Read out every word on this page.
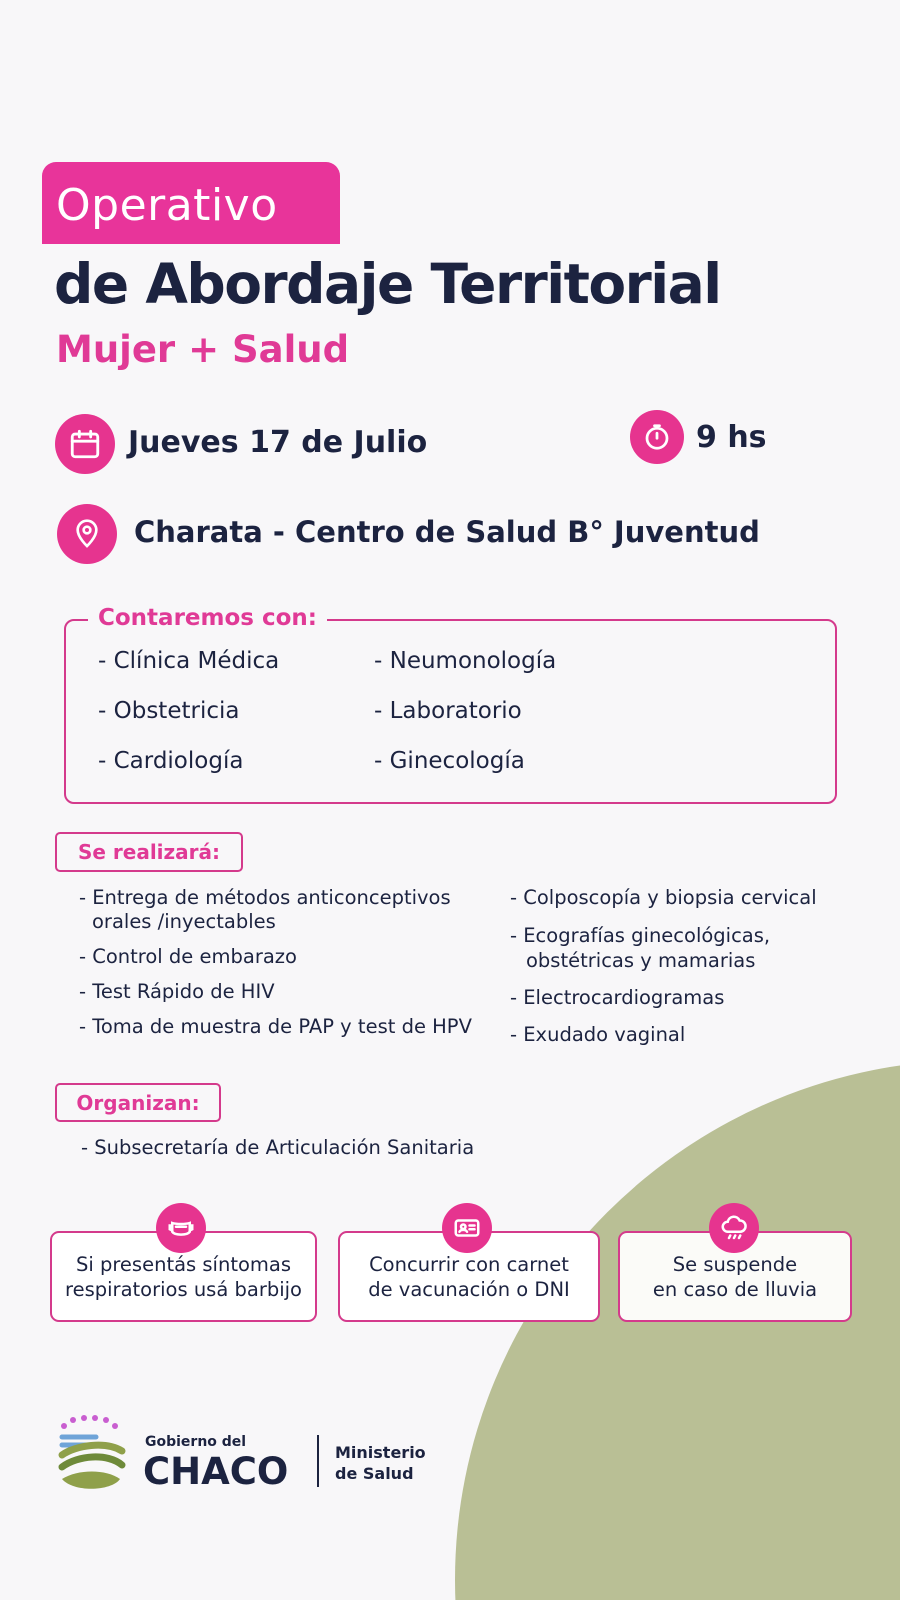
Operativo
de Abordaje Territorial
Mujer + Salud
Jueves 17 de Julio	9 hs
Charata - Centro de Salud B° Juventud
Contaremos con:
- Clínica Médica
- Obstetricia
- Cardiología
- Neumonología
- Laboratorio
- Ginecología
Se realizará:
- Entrega de métodos anticonceptivos
orales /inyectables
- Control de embarazo
- Test Rápido de HIV
- Toma de muestra de PAP y test de HPV
- Colposcopía y biopsia cervical
- Ecografías ginecológicas,
obstétricas y mamarias
- Electrocardiogramas
- Exudado vaginal
Organizan:
- Subsecretaría de Articulación Sanitaria
Si presentás síntomas
respiratorios usá barbijo
Concurrir con carnet
de vacunación o DNI
Se suspende
en caso de lluvia
Gobierno del
CHACO	Ministerio
de Salud
